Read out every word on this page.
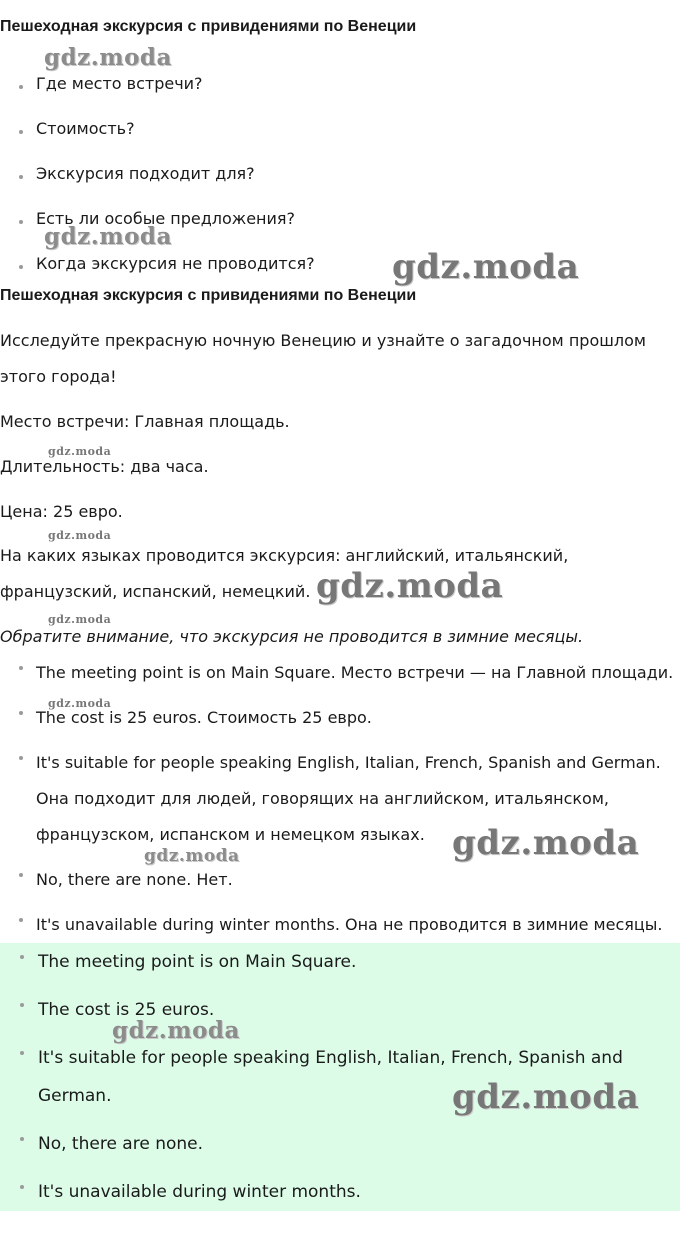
Пешеходная экскурсия с привидениями по Венеции
Где место встречи?
Стоимость?
Экскурсия подходит для?
Есть ли особые предложения?
Когда экскурсия не проводится?
Пешеходная экскурсия с привидениями по Венеции

Исследуйте прекрасную ночную Венецию и узнайте о загадочном прошлом

этого города!

Место встречи: Главная площадь.

Длительность: два часа.

Цена: 25 евро.

На каких языках проводится экскурсия: английский, итальянский,

французский, испанский, немецкий.

Обратите внимание, что экскурсия не проводится в зимние месяцы.

The meeting point is on Main Square. Место встречи — на Главной площади.
The cost is 25 euros. Стоимость 25 евро.
It's suitable for people speaking English, Italian, French, Spanish and German.
Она подходит для людей, говорящих на английском, итальянском,
французском, испанском и немецком языках.
No, there are none. Нет.
It's unavailable during winter months. Она не проводится в зимние месяцы.
The meeting point is on Main Square.
The cost is 25 euros.
It's suitable for people speaking English, Italian, French, Spanish and
German.
No, there are none.
It's unavailable during winter months.
gdz.moda
gdz.moda
gdz.moda
gdz.moda
gdz.moda
gdz.moda
gdz.moda
gdz.moda
gdz.moda
gdz.moda
gdz.moda
gdz.moda
